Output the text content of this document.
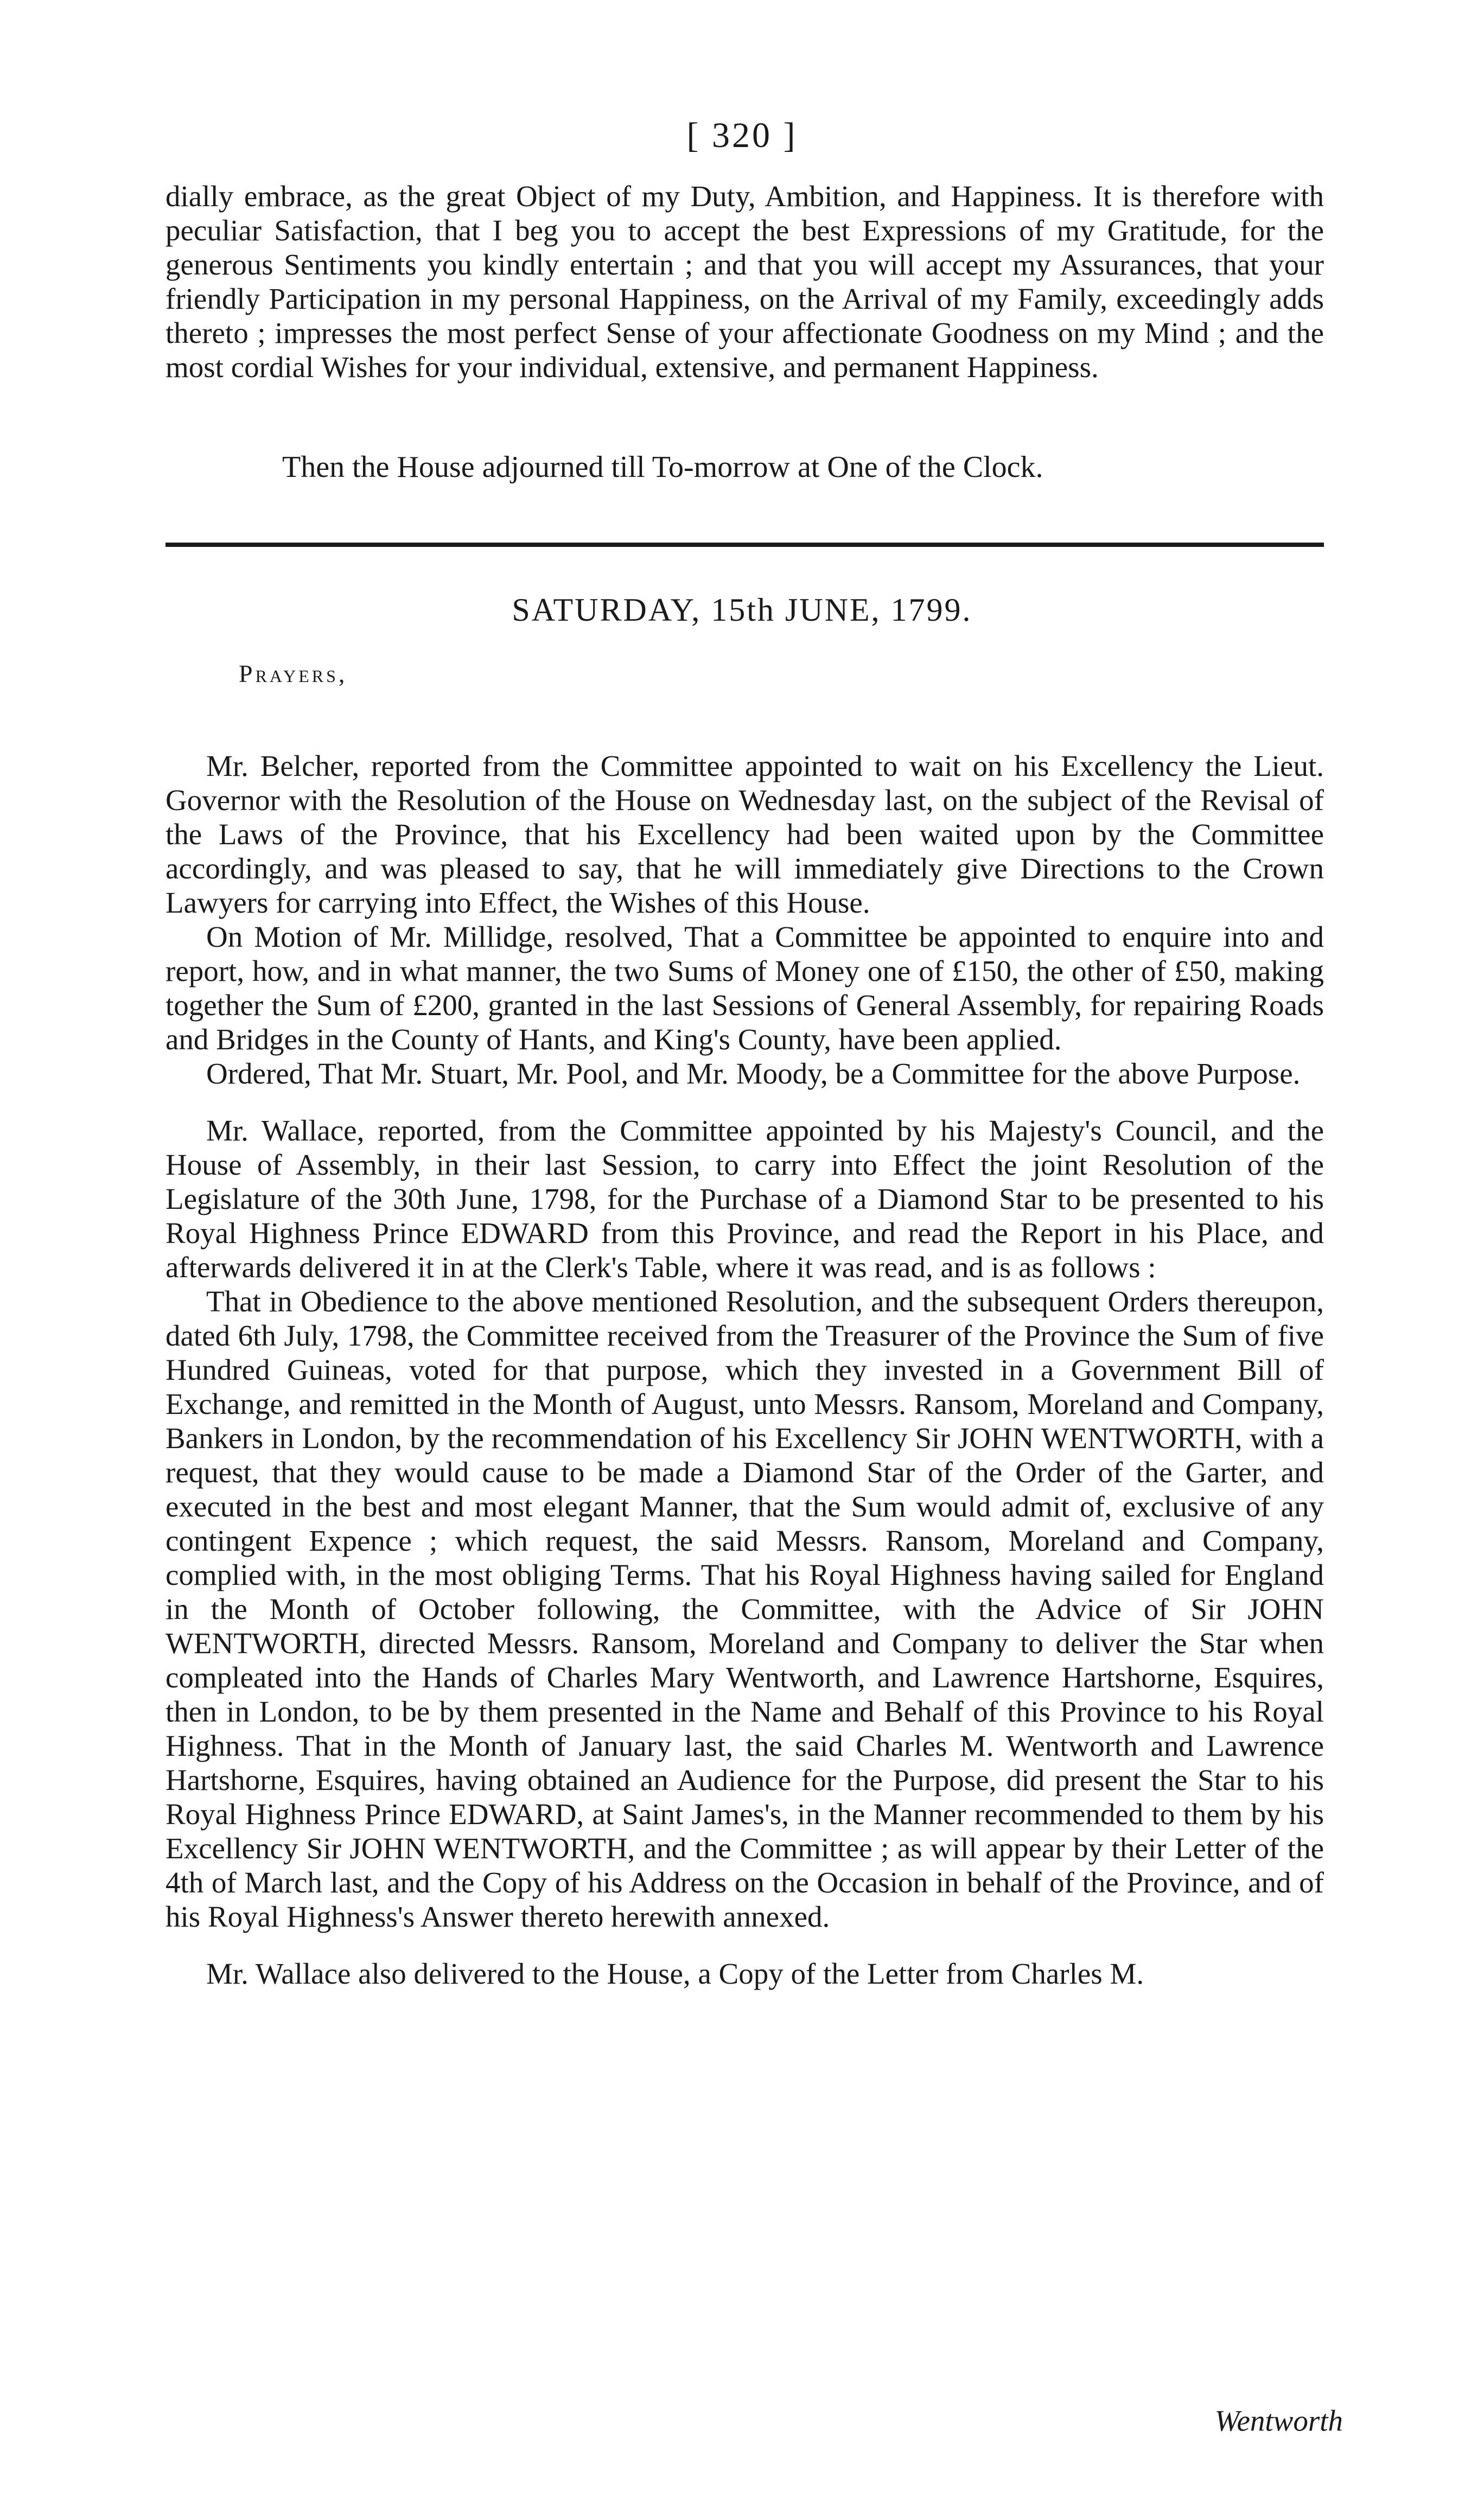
[ 320 ]

dially embrace, as the great Object of my Duty, Ambition, and Happiness. It is therefore with peculiar Satisfaction, that I beg you to accept the best Expressions of my Gratitude, for the generous Sentiments you kindly entertain ; and that you will accept my Assurances, that your friendly Participation in my personal Happiness, on the Arrival of my Family, exceedingly adds thereto ; impresses the most perfect Sense of your affectionate Goodness on my Mind ; and the most cordial Wishes for your individual, extensive, and permanent Happiness.

Then the House adjourned till To-morrow at One of the Clock.
SATURDAY, 15th JUNE, 1799.
Prayers,

Mr. Belcher, reported from the Committee appointed to wait on his Excellency the Lieut. Governor with the Resolution of the House on Wednesday last, on the subject of the Revisal of the Laws of the Province, that his Excellency had been waited upon by the Committee accordingly, and was pleased to say, that he will immediately give Directions to the Crown Lawyers for carrying into Effect, the Wishes of this House.

On Motion of Mr. Millidge, resolved, That a Committee be appointed to enquire into and report, how, and in what manner, the two Sums of Money one of £150, the other of £50, making together the Sum of £200, granted in the last Sessions of General Assembly, for repairing Roads and Bridges in the County of Hants, and King's County, have been applied.

Ordered, That Mr. Stuart, Mr. Pool, and Mr. Moody, be a Committee for the above Purpose.

Mr. Wallace, reported, from the Committee appointed by his Majesty's Council, and the House of Assembly, in their last Session, to carry into Effect the joint Resolution of the Legislature of the 30th June, 1798, for the Purchase of a Diamond Star to be presented to his Royal Highness Prince EDWARD from this Province, and read the Report in his Place, and afterwards delivered it in at the Clerk's Table, where it was read, and is as follows :

That in Obedience to the above mentioned Resolution, and the subsequent Orders thereupon, dated 6th July, 1798, the Committee received from the Treasurer of the Province the Sum of five Hundred Guineas, voted for that purpose, which they invested in a Government Bill of Exchange, and remitted in the Month of August, unto Messrs. Ransom, Moreland and Company, Bankers in London, by the recommendation of his Excellency Sir JOHN WENTWORTH, with a request, that they would cause to be made a Diamond Star of the Order of the Garter, and executed in the best and most elegant Manner, that the Sum would admit of, exclusive of any contingent Expence ; which request, the said Messrs. Ransom, Moreland and Company, complied with, in the most obliging Terms. That his Royal Highness having sailed for England in the Month of October following, the Committee, with the Advice of Sir JOHN WENTWORTH, directed Messrs. Ransom, Moreland and Company to deliver the Star when compleated into the Hands of Charles Mary Wentworth, and Lawrence Hartshorne, Esquires, then in London, to be by them presented in the Name and Behalf of this Province to his Royal Highness. That in the Month of January last, the said Charles M. Wentworth and Lawrence Hartshorne, Esquires, having obtained an Audience for the Purpose, did present the Star to his Royal Highness Prince EDWARD, at Saint James's, in the Manner recommended to them by his Excellency Sir JOHN WENTWORTH, and the Committee ; as will appear by their Letter of the 4th of March last, and the Copy of his Address on the Occasion in behalf of the Province, and of his Royal Highness's Answer thereto herewith annexed.

Mr. Wallace also delivered to the House, a Copy of the Letter from Charles M.

Wentworth
